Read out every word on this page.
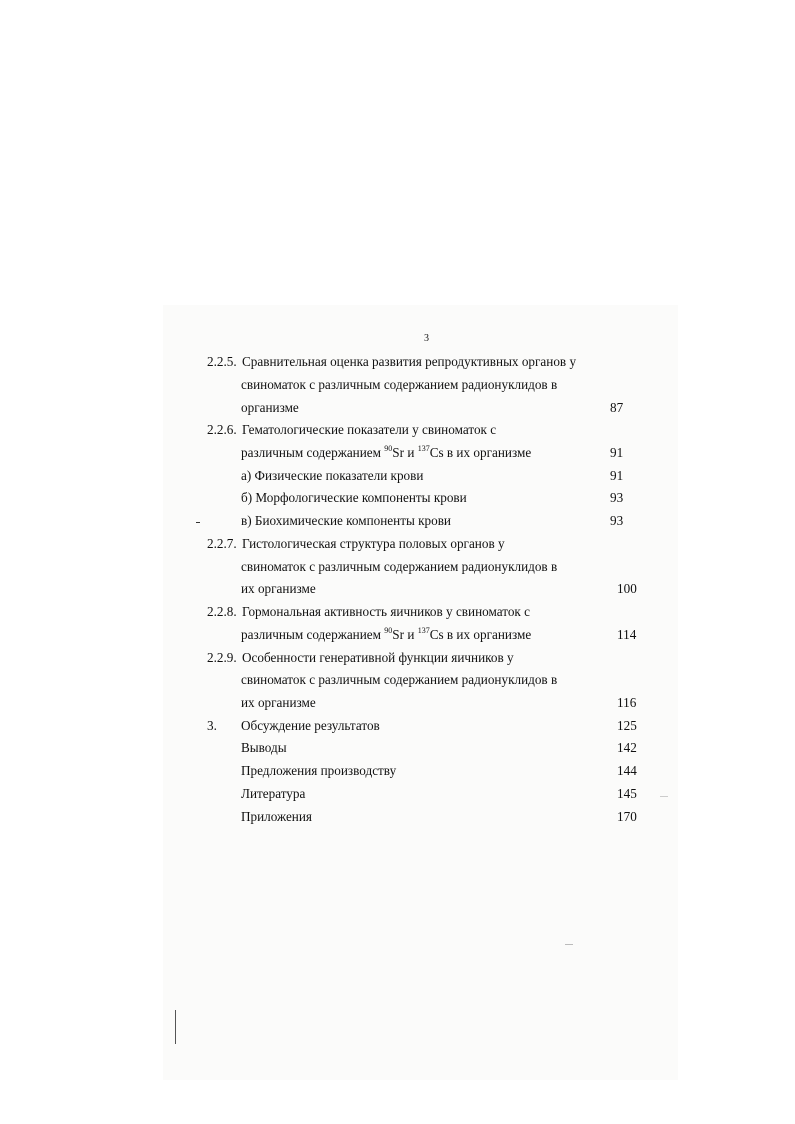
3
2.2.5. Сравнительная оценка развития репродуктивных органов у
свиноматок с различным содержанием радионуклидов в
организме	87
2.2.6. Гематологические показатели у свиноматок с
различным содержанием $^{90}$Sr и $^{137}$Cs в их организме	91
а) Физические показатели крови	91
б) Морфологические компоненты крови	93
в) Биохимические компоненты крови	93
2.2.7. Гистологическая структура половых органов у
свиноматок с различным содержанием радионуклидов в
их организме	100
2.2.8. Гормональная активность яичников у свиноматок с
различным содержанием $^{90}$Sr и $^{137}$Cs в их организме	114
2.2.9. Особенности генеративной функции яичников у
свиноматок с различным содержанием радионуклидов в
их организме	116
3. Обсуждение результатов	125
Выводы	142
Предложения производству	144
Литература	145
Приложения	170
